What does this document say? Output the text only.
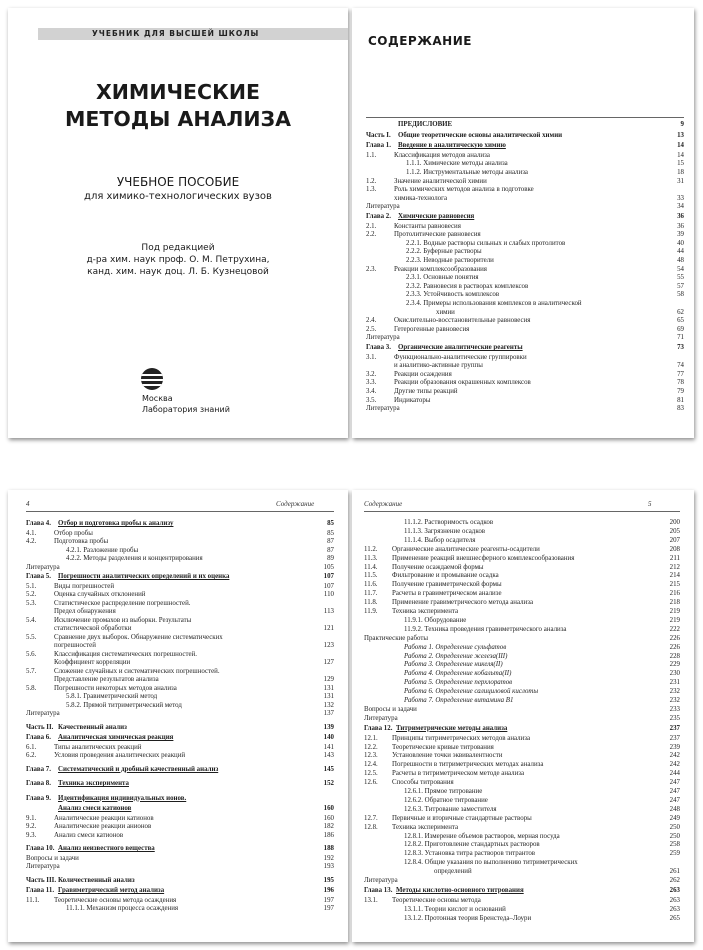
УЧЕБНИК ДЛЯ ВЫСШЕЙ ШКОЛЫ
ХИМИЧЕСКИЕ
МЕТОДЫ АНАЛИЗА
УЧЕБНОЕ ПОСОБИЕ
для химико-технологических вузов
Под редакцией
д-ра хим. наук проф. О. М. Петрухина,
канд. хим. наук доц. Л. Б. Кузнецовой
Москва
Лаборатория знаний
СОДЕРЖАНИЕ
ПРЕДИСЛОВИЕ	9
Часть I. Общие теоретические основы аналитической химии	13
Глава 1. Введение в аналитическую химию	14
1.1.	Классификация методов анализа	14
1.1.1. Химические методы анализа	15
1.1.2. Инструментальные методы анализа	18
1.2.	Значение аналитической химии	31
1.3.	Роль химических методов анализа в подготовке
химика-технолога	33
Литература	34
Глава 2. Химические равновесия	36
2.1.	Константы равновесия	36
2.2.	Протолитические равновесия	39
2.2.1. Водные растворы сильных и слабых протолитов	40
2.2.2. Буферные растворы	44
2.2.3. Неводные растворители	48
2.3.	Реакции комплексообразования	54
2.3.1. Основные понятия	55
2.3.2. Равновесия в растворах комплексов	57
2.3.3. Устойчивость комплексов	58
2.3.4. Примеры использования комплексов в аналитической
химии	62
2.4.	Окислительно-восстановительные равновесия	65
2.5.	Гетерогенные равновесия	69
Литература	71
Глава 3. Органические аналитические реагенты	73
3.1.	Функционально-аналитические группировки
и аналитико-активные группы	74
3.2.	Реакции осаждения	77
3.3.	Реакции образования окрашенных комплексов	78
3.4.	Другие типы реакций	79
3.5.	Индикаторы	81
Литература	83
4	Содержание
Глава 4. Отбор и подготовка пробы к анализу	85
4.1.	Отбор пробы	85
4.2.	Подготовка пробы	87
4.2.1. Разложение пробы	87
4.2.2. Методы разделения и концентрирования	89
Литература	105
Глава 5. Погрешности аналитических определений и их оценка	107
5.1.	Виды погрешностей	107
5.2.	Оценка случайных отклонений	110
5.3.	Статистическое распределение погрешностей.
Предел обнаружения	113
5.4.	Исключение промахов из выборки. Результаты
статистической обработки	121
5.5.	Сравнение двух выборок. Обнаружение систематических
погрешностей	123
5.6.	Классификация систематических погрешностей.
Коэффициент корреляции	127
5.7.	Сложение случайных и систематических погрешностей.
Представление результатов анализа	129
5.8.	Погрешности некоторых методов анализа	131
5.8.1. Гравиметрический метод	131
5.8.2. Прямой титриметрический метод	132
Литература	137
Часть II. Качественный анализ	139
Глава 6. Аналитическая химическая реакция	140
6.1.	Типы аналитических реакций	141
6.2.	Условия проведения аналитических реакций	143
Глава 7. Систематический и дробный качественный анализ	145
Глава 8. Техника эксперимента	152
Глава 9. Идентификация индивидуальных ионов.
Анализ смеси катионов	160
9.1.	Аналитические реакции катионов	160
9.2.	Аналитические реакции анионов	182
9.3.	Анализ смеси катионов	186
Глава 10. Анализ неизвестного вещества	188
Вопросы и задачи	192
Литература	193
Часть III. Количественный анализ	195
Глава 11. Гравиметрический метод анализа	196
11.1. Теоретические основы метода осаждения	197
11.1.1. Механизм процесса осаждения	197
Содержание	5
11.1.2. Растворимость осадков	200
11.1.3. Загрязнение осадков	205
11.1.4. Выбор осадителя	207
11.2. Органические аналитические реагенты-осадители	208
11.3. Применение реакций внешнесферного комплексообразования	211
11.4. Получение осаждаемой формы	212
11.5. Фильтрование и промывание осадка	214
11.6. Получение гравиметрической формы	215
11.7. Расчеты в гравиметрическом анализе	216
11.8. Применение гравиметрического метода анализа	218
11.9. Техника эксперимента	219
11.9.1. Оборудование	219
11.9.2. Техника проведения гравиметрического анализа	222
Практические работы	226
Работа 1. Определение сульфатов	226
Работа 2. Определение железа(III)	228
Работа 3. Определение никеля(II)	229
Работа 4. Определение кобальта(II)	230
Работа 5. Определение перхлоратов	231
Работа 6. Определение салициловой кислоты	232
Работа 7. Определение витамина B1	232
Вопросы и задачи	233
Литература	235
Глава 12. Титриметрические методы анализа	237
12.1. Принципы титриметрических методов анализа	237
12.2. Теоретические кривые титрования	239
12.3. Установление точки эквивалентности	242
12.4. Погрешности в титриметрических методах анализа	242
12.5. Расчеты в титриметрическом методе анализа	244
12.6. Способы титрования	247
12.6.1. Прямое титрование	247
12.6.2. Обратное титрование	247
12.6.3. Титрование заместителя	248
12.7. Первичные и вторичные стандартные растворы	249
12.8. Техника эксперимента	250
12.8.1. Измерение объемов растворов, мерная посуда	250
12.8.2. Приготовление стандартных растворов	258
12.8.3. Установка титра растворов титрантов	259
12.8.4. Общие указания по выполнению титриметрических
определений	261
Литература	262
Глава 13. Методы кислотно-основного титрования	263
13.1. Теоретические основы метода	263
13.1.1. Теории кислот и оснований	263
13.1.2. Протонная теория Бренстеда–Лоури	265
